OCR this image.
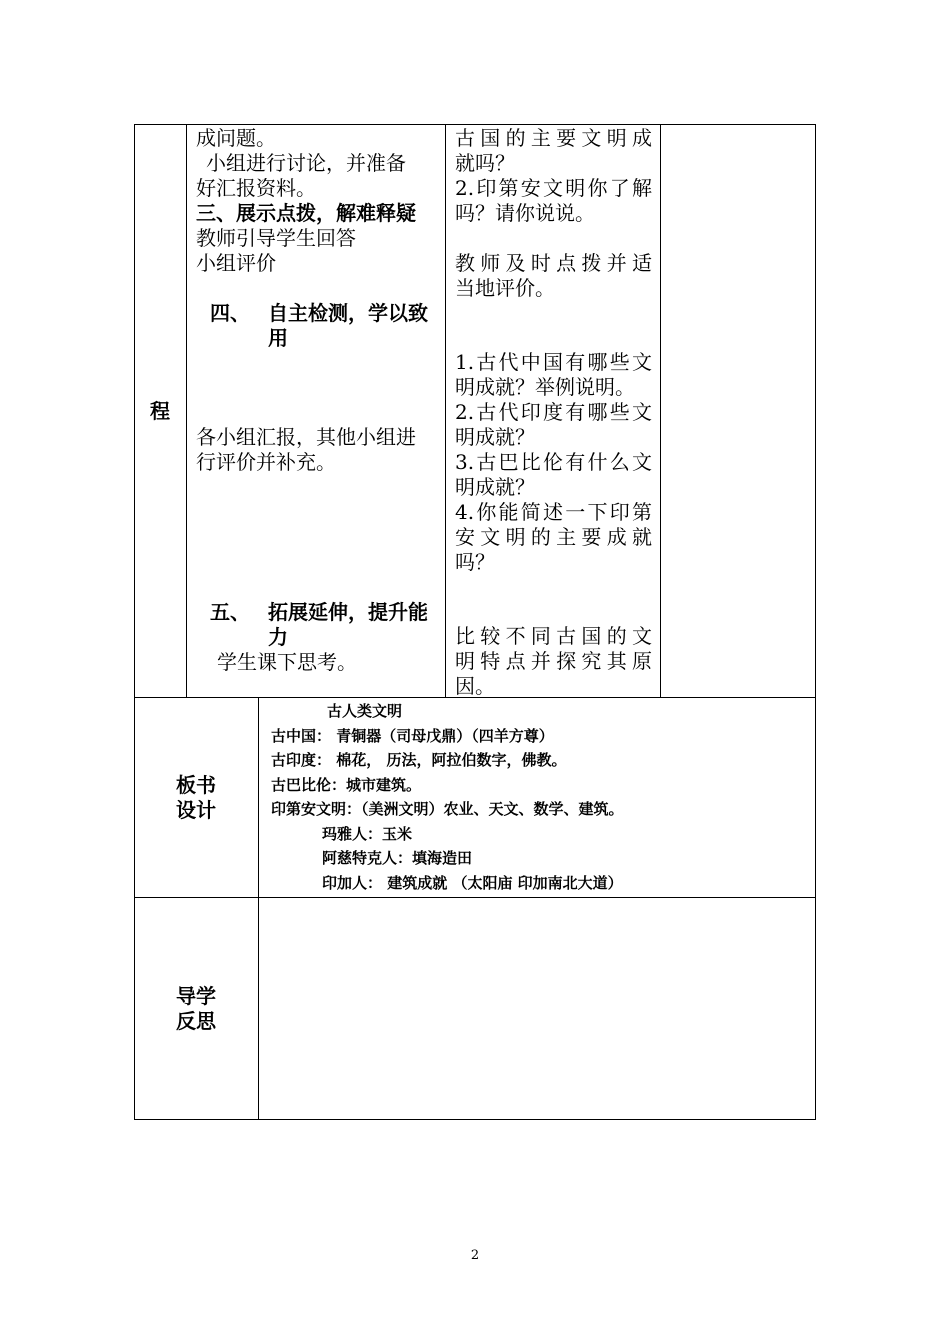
程
成问题。
小组进行讨论，并准备
好汇报资料。
三、展示点拨，解难释疑
教师引导学生回答
小组评价
四、 自主检测，学以致
用
各小组汇报，其他小组进
行评价并补充。
五、 拓展延伸，提升能
力
学生课下思考。
古国的主要文明成
就吗？
2.印第安文明你了解
吗？请你说说。
教师及时点拨并适
当地评价。
1.古代中国有哪些文
明成就？举例说明。
2.古代印度有哪些文
明成就？
3.古巴比伦有什么文
明成就？
4.你能简述一下印第
安文明的主要成就
吗？
比较不同古国的文
明特点并探究其原
因。
板书
设计
古人类文明
古中国： 青铜器（司母戊鼎）（四羊方尊）
古印度： 棉花， 历法，阿拉伯数字，佛教。
古巴比伦：城市建筑。
印第安文明：（美洲文明）农业、天文、数学、建筑。
玛雅人：玉米
阿慈特克人：填海造田
印加人： 建筑成就 （太阳庙 印加南北大道）
导学
反思
2
